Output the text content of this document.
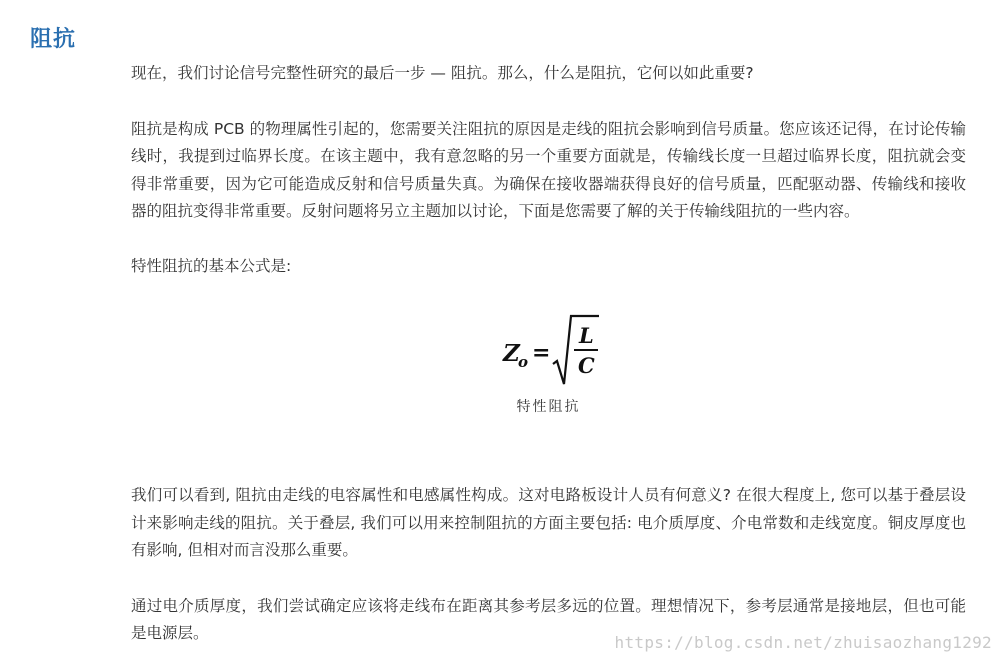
阻抗

现在，我们讨论信号完整性研究的最后一步 — 阻抗。那么，什么是阻抗，它何以如此重要?

阻抗是构成 PCB 的物理属性引起的，您需要关注阻抗的原因是走线的阻抗会影响到信号质量。您应该还记得，在讨论传输线时，我提到过临界长度。在该主题中，我有意忽略的另一个重要方面就是，传输线长度一旦超过临界长度，阻抗就会变得非常重要，因为它可能造成反射和信号质量失真。为确保在接收器端获得良好的信号质量，匹配驱动器、传输线和接收器的阻抗变得非常重要。反射问题将另立主题加以讨论，下面是您需要了解的关于传输线阻抗的一些内容。

特性阻抗的基本公式是:

Z
o =
L
C
特性阻抗

我们可以看到, 阻抗由走线的电容属性和电感属性构成。这对电路板设计人员有何意义? 在很大程度上, 您可以基于叠层设计来影响走线的阻抗。关于叠层, 我们可以用来控制阻抗的方面主要包括: 电介质厚度、介电常数和走线宽度。铜皮厚度也有影响, 但相对而言没那么重要。

通过电介质厚度，我们尝试确定应该将走线布在距离其参考层多远的位置。理想情况下，参考层通常是接地层，但也可能是电源层。	https://blog.csdn.net/zhuisaozhang1292
